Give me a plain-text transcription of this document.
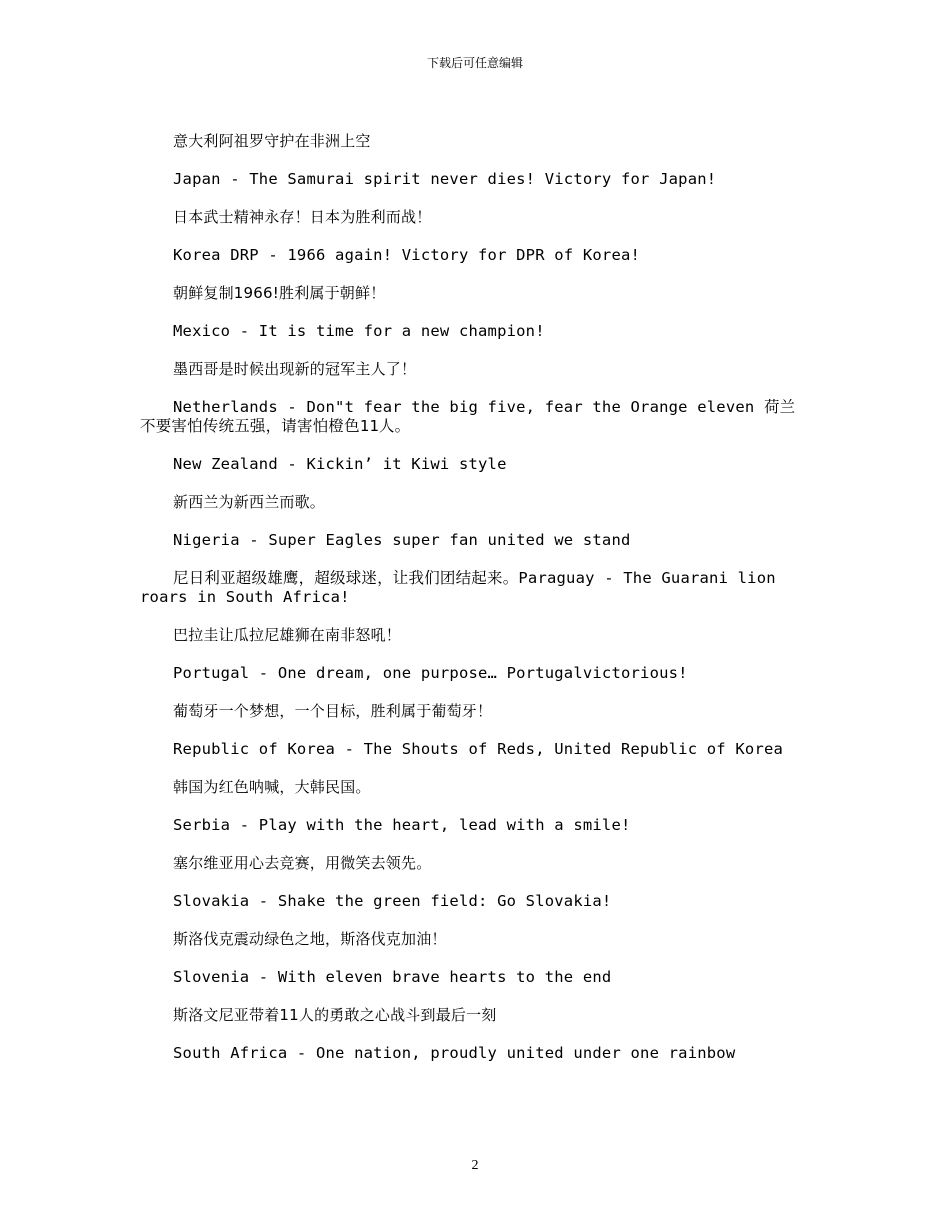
下载后可任意编辑

意大利阿祖罗守护在非洲上空

Japan - The Samurai spirit never dies! Victory for Japan!

日本武士精神永存！日本为胜利而战！

Korea DRP - 1966 again! Victory for DPR of Korea!

朝鲜复制1966!胜利属于朝鲜！

Mexico - It is time for a new champion!

墨西哥是时候出现新的冠军主人了！

Netherlands - Don"t fear the big five, fear the Orange eleven 荷兰不要害怕传统五强，请害怕橙色11人。

New Zealand - Kickin’ it Kiwi style

新西兰为新西兰而歌。

Nigeria - Super Eagles super fan united we stand

尼日利亚超级雄鹰，超级球迷，让我们团结起来。Paraguay - The Guarani lion roars in South Africa!

巴拉圭让瓜拉尼雄狮在南非怒吼！

Portugal - One dream, one purpose… Portugalvictorious!

葡萄牙一个梦想，一个目标，胜利属于葡萄牙！

Republic of Korea - The Shouts of Reds, United Republic of Korea

韩国为红色呐喊，大韩民国。

Serbia - Play with the heart, lead with a smile!

塞尔维亚用心去竞赛，用微笑去领先。

Slovakia - Shake the green field: Go Slovakia!

斯洛伐克震动绿色之地，斯洛伐克加油！

Slovenia - With eleven brave hearts to the end

斯洛文尼亚带着11人的勇敢之心战斗到最后一刻

South Africa - One nation, proudly united under one rainbow

2
